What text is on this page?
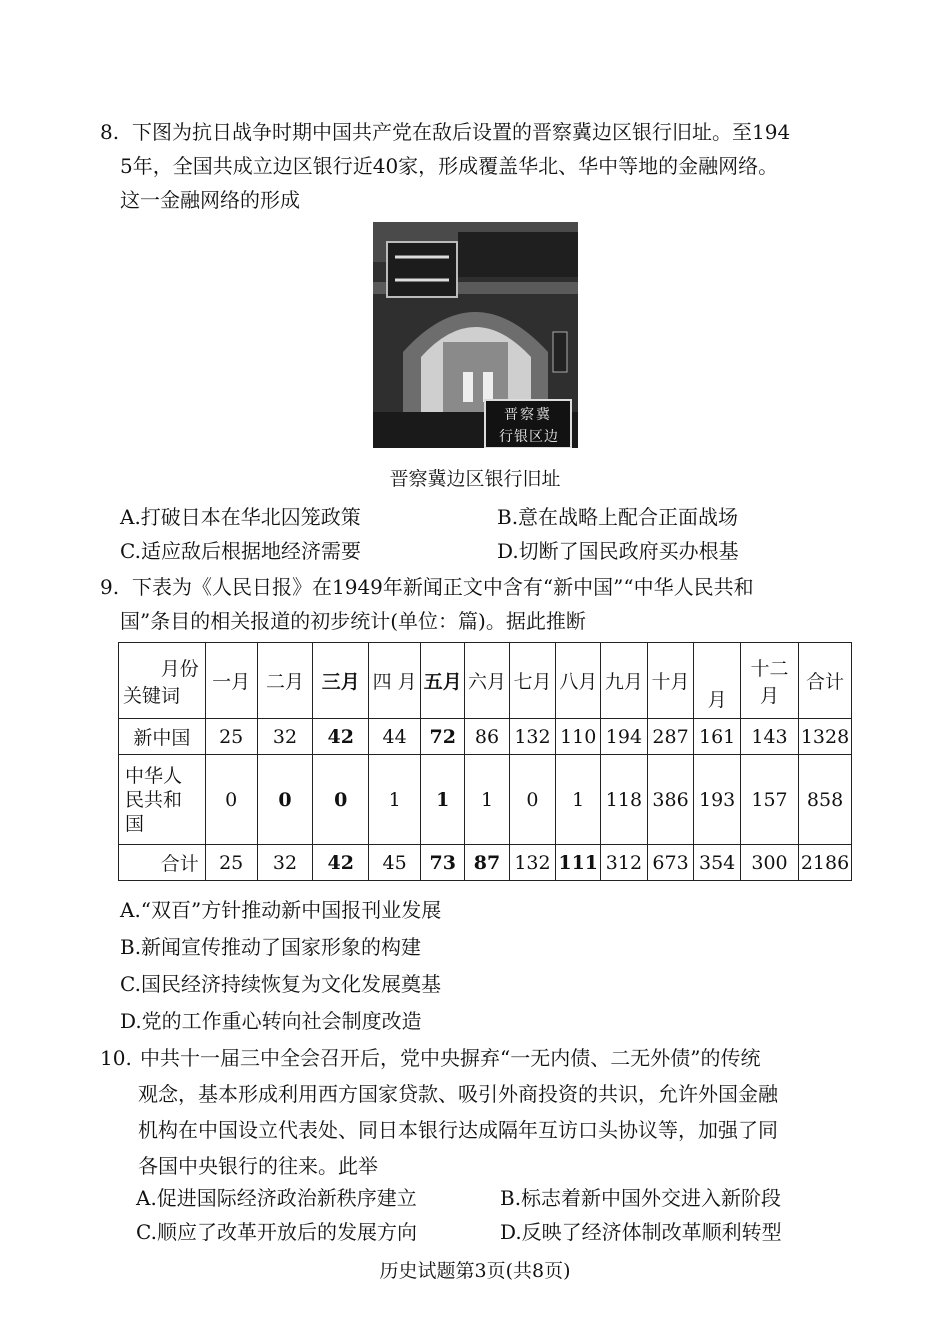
8. 下图为抗日战争时期中国共产党在敌后设置的晋察冀边区银行旧址。至194
5年，全国共成立边区银行近40家，形成覆盖华北、华中等地的金融网络。
这一金融网络的形成
晋察冀
行银区边
晋察冀边区银行旧址
A.打破日本在华北囚笼政策	B.意在战略上配合正面战场
C.适应敌后根据地经济需要	D.切断了国民政府买办根基
9. 下表为《人民日报》在1949年新闻正文中含有“新中国”“中华人民共和
国”条目的相关报道的初步统计(单位：篇)。据此推断
月份
关键词	一月	二月	三月	四 月	五月	六月	七月	八月	九月	十月	月	十二月	合计
新中国	25	32	42	44	72	86	132	110	194	287	161	143	1328
中华人民共和国	0	0	0	1	1	1	0	1	118	386	193	157	858
合计	25	32	42	45	73	87	132	111	312	673	354	300	2186
A.“双百”方针推动新中国报刊业发展
B.新闻宣传推动了国家形象的构建
C.国民经济持续恢复为文化发展奠基
D.党的工作重心转向社会制度改造
10. 中共十一届三中全会召开后，党中央摒弃“一无内债、二无外债”的传统
观念，基本形成利用西方国家贷款、吸引外商投资的共识，允许外国金融
机构在中国设立代表处、同日本银行达成隔年互访口头协议等，加强了同
各国中央银行的往来。此举
A.促进国际经济政治新秩序建立	B.标志着新中国外交进入新阶段
C.顺应了改革开放后的发展方向	D.反映了经济体制改革顺利转型
历史试题第3页(共8页)
